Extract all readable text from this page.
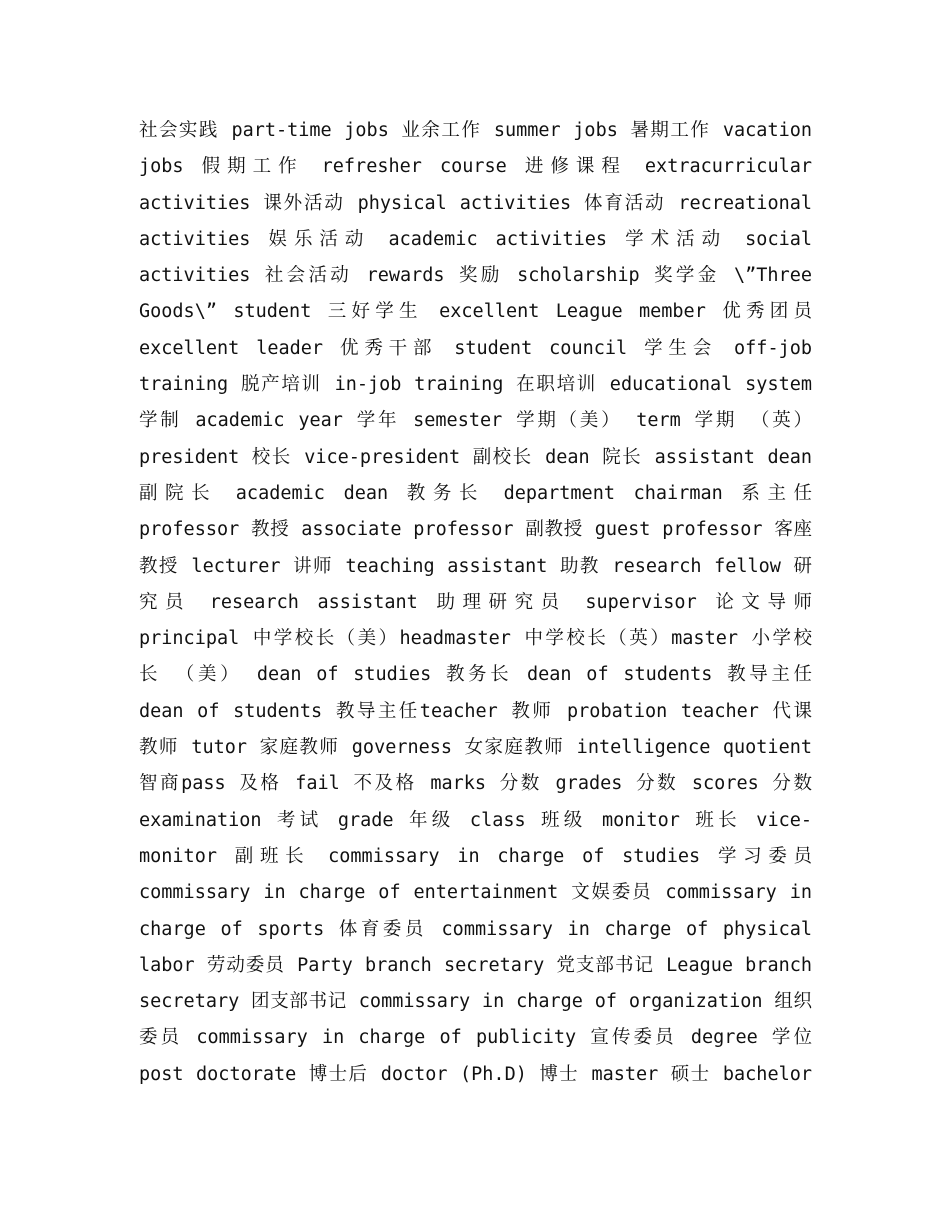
社会实践 part-time jobs 业余工作 summer jobs 暑期工作 vacation
jobs 假期工作 refresher course 进修课程 extracurricular
activities 课外活动 physical activities 体育活动 recreational
activities 娱乐活动 academic activities 学术活动 social
activities 社会活动 rewards 奖励 scholarship 奖学金 \”Three
Goods\” student 三好学生 excellent League member 优秀团员
excellent leader 优秀干部 student council 学生会 off-job
training 脱产培训 in-job training 在职培训 educational system
学制 academic year 学年 semester 学期（美） term 学期 （英）
president 校长 vice-president 副校长 dean 院长 assistant dean
副院长 academic dean 教务长 department chairman 系主任
professor 教授 associate professor 副教授 guest professor 客座
教授 lecturer 讲师 teaching assistant 助教 research fellow 研
究员 research assistant 助理研究员 supervisor 论文导师
principal 中学校长（美）headmaster 中学校长（英）master 小学校
长 （美） dean of studies 教务长 dean of students 教导主任
dean of students 教导主任teacher 教师 probation teacher 代课
教师 tutor 家庭教师 governess 女家庭教师 intelligence quotient
智商pass 及格 fail 不及格 marks 分数 grades 分数 scores 分数
examination 考试 grade 年级 class 班级 monitor 班长 vice-
monitor 副班长 commissary in charge of studies 学习委员
commissary in charge of entertainment 文娱委员 commissary in
charge of sports 体育委员 commissary in charge of physical
labor 劳动委员 Party branch secretary 党支部书记 League branch
secretary 团支部书记 commissary in charge of organization 组织
委员 commissary in charge of publicity 宣传委员 degree 学位
post doctorate 博士后 doctor (Ph.D) 博士 master 硕士 bachelor
